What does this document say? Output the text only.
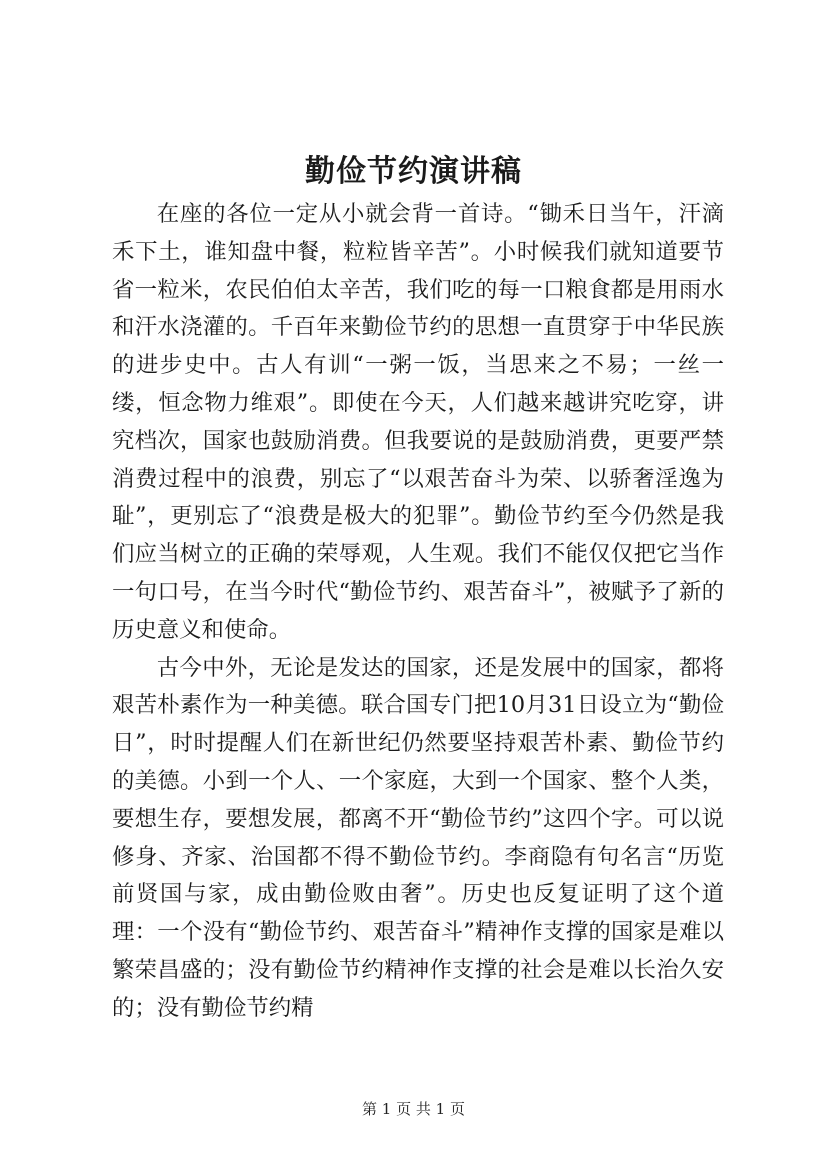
勤俭节约演讲稿

在座的各位一定从小就会背一首诗。“锄禾日当午，汗滴禾下土，谁知盘中餐，粒粒皆辛苦”。小时候我们就知道要节省一粒米，农民伯伯太辛苦，我们吃的每一口粮食都是用雨水和汗水浇灌的。千百年来勤俭节约的思想一直贯穿于中华民族的进步史中。古人有训“一粥一饭，当思来之不易；一丝一缕，恒念物力维艰”。即使在今天，人们越来越讲究吃穿，讲究档次，国家也鼓励消费。但我要说的是鼓励消费，更要严禁消费过程中的浪费，别忘了“以艰苦奋斗为荣、以骄奢淫逸为耻”，更别忘了“浪费是极大的犯罪”。勤俭节约至今仍然是我们应当树立的正确的荣辱观，人生观。我们不能仅仅把它当作一句口号，在当今时代“勤俭节约、艰苦奋斗”，被赋予了新的历史意义和使命。

古今中外，无论是发达的国家，还是发展中的国家，都将艰苦朴素作为一种美德。联合国专门把10月31日设立为“勤俭日”，时时提醒人们在新世纪仍然要坚持艰苦朴素、勤俭节约的美德。小到一个人、一个家庭，大到一个国家、整个人类，要想生存，要想发展，都离不开“勤俭节约”这四个字。可以说修身、齐家、治国都不得不勤俭节约。李商隐有句名言“历览前贤国与家，成由勤俭败由奢”。历史也反复证明了这个道理：一个没有“勤俭节约、艰苦奋斗”精神作支撑的国家是难以繁荣昌盛的；没有勤俭节约精神作支撑的社会是难以长治久安的；没有勤俭节约精

第 1 页 共 1 页
